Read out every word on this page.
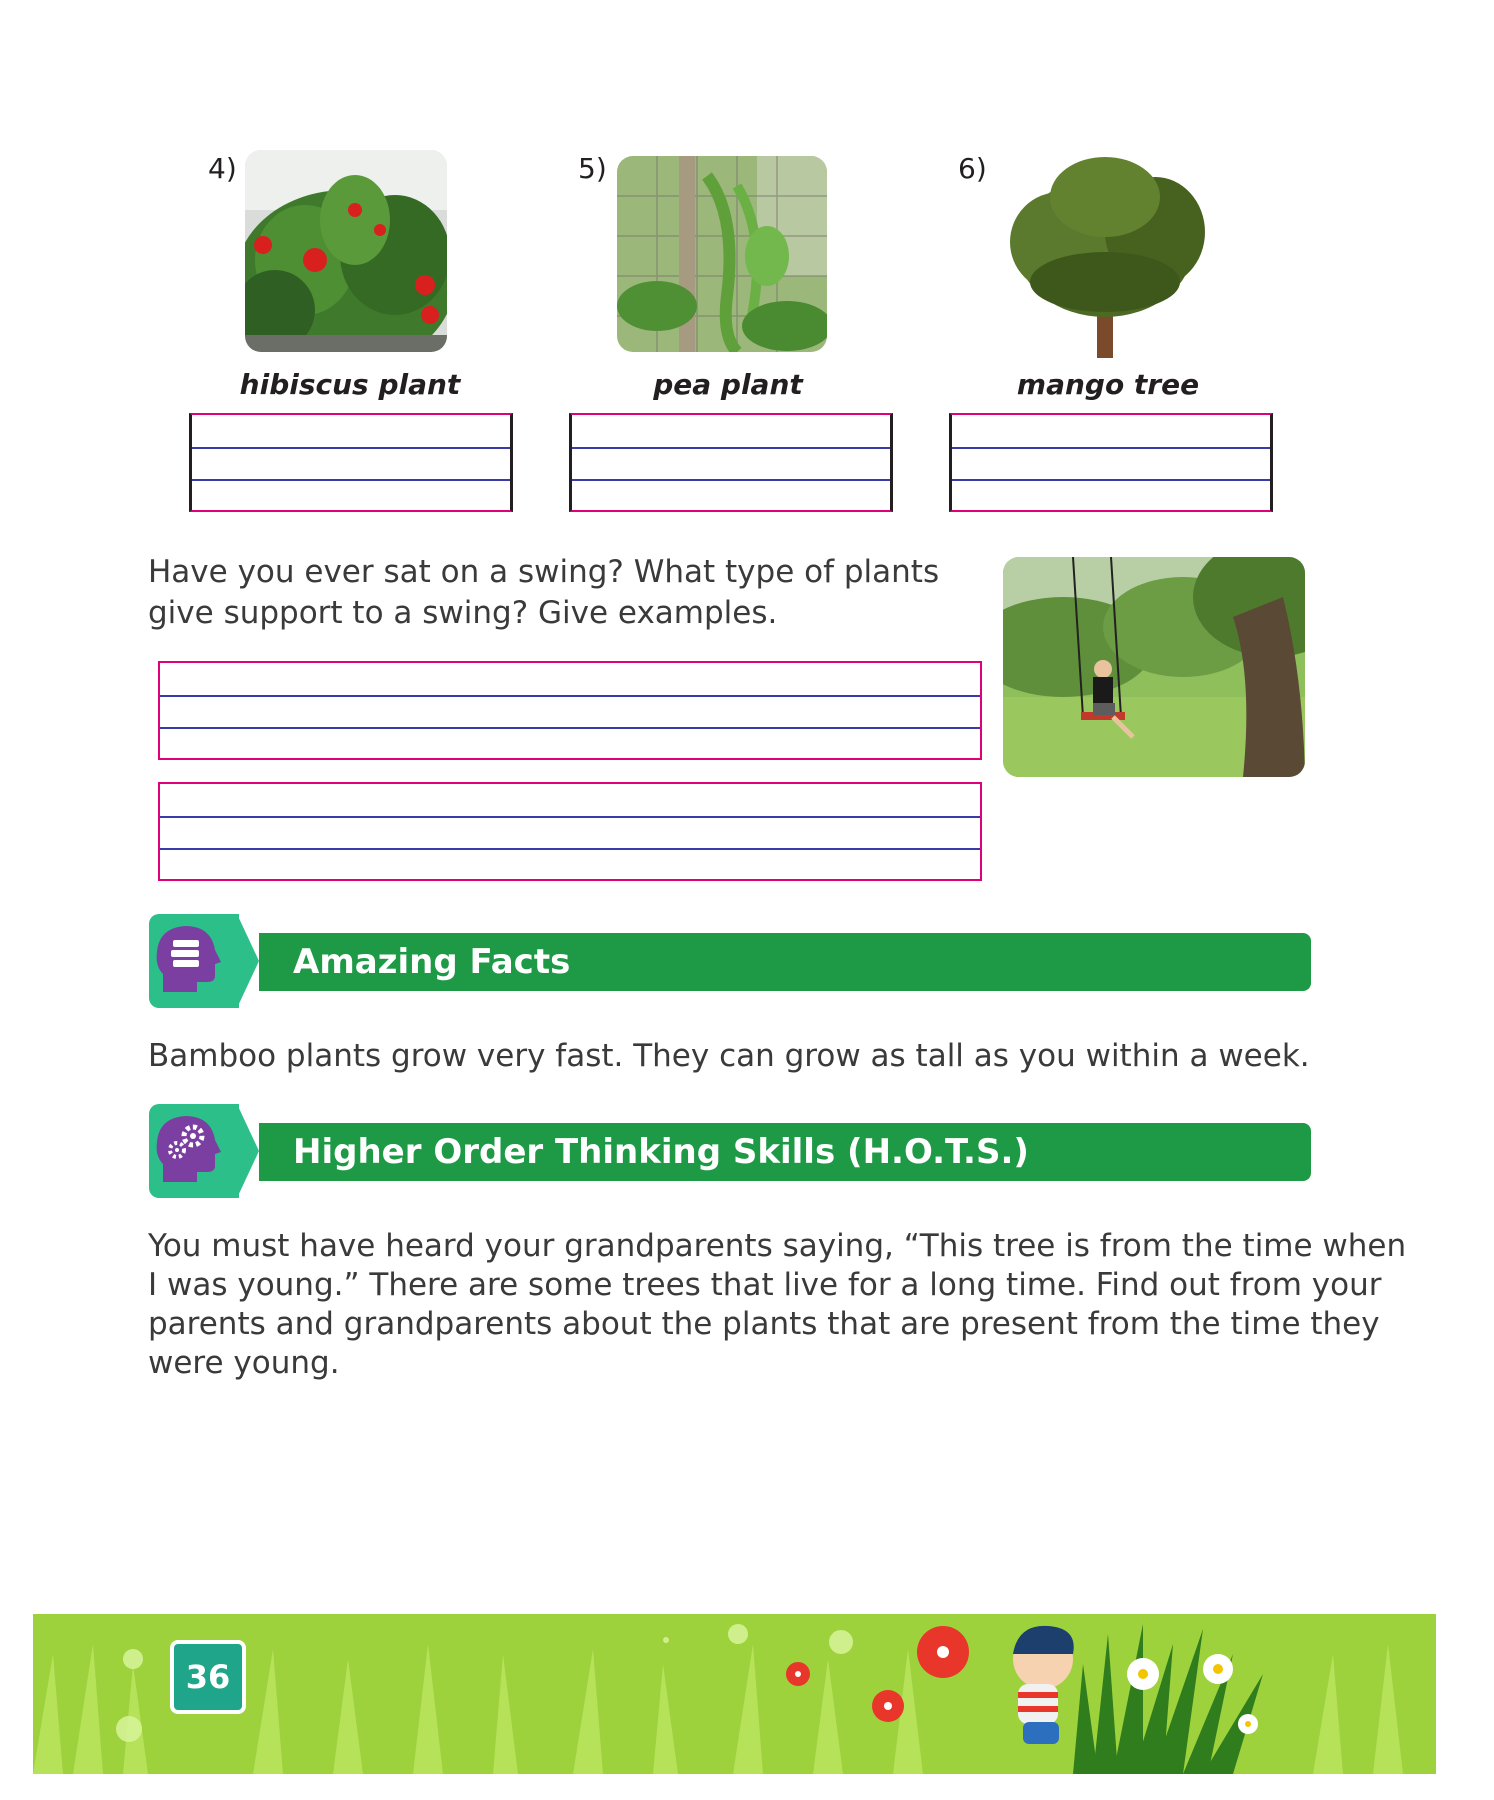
4)	5)	6)
hibiscus plant	pea plant	mango tree
Have you ever sat on a swing? What type of plants
give support to a swing? Give examples.
Amazing Facts
Bamboo plants grow very fast. They can grow as tall as you within a week.
Higher Order Thinking Skills (H.O.T.S.)
You must have heard your grandparents saying, “This tree is from the time when
I was young.” There are some trees that live for a long time. Find out from your
parents and grandparents about the plants that are present from the time they
were young.
36
